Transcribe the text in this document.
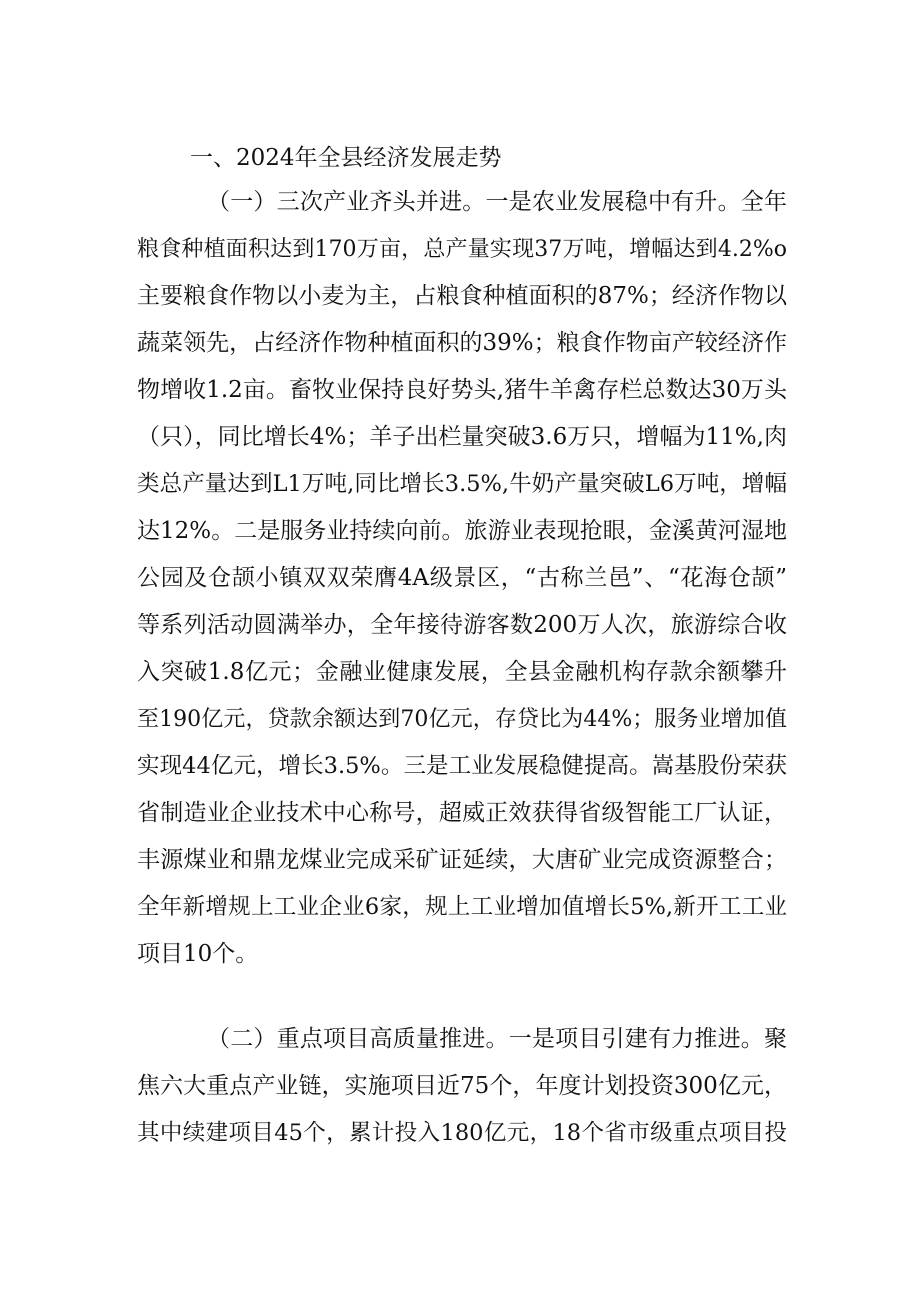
一、2024年全县经济发展走势
（一）三次产业齐头并进。一是农业发展稳中有升。全年
粮食种植面积达到170万亩，总产量实现37万吨，增幅达到4.2%o
主要粮食作物以小麦为主，占粮食种植面积的87%；经济作物以
蔬菜领先，占经济作物种植面积的39%；粮食作物亩产较经济作
物增收1.2亩。畜牧业保持良好势头,猪牛羊禽存栏总数达30万头
（只），同比增长4%；羊子出栏量突破3.6万只，增幅为11%,肉
类总产量达到L1万吨,同比增长3.5%,牛奶产量突破L6万吨，增幅
达12%。二是服务业持续向前。旅游业表现抢眼，金溪黄河湿地
公园及仓颉小镇双双荣膺4A级景区，“古称兰邑”、“花海仓颉”
等系列活动圆满举办，全年接待游客数200万人次，旅游综合收
入突破1.8亿元；金融业健康发展，全县金融机构存款余额攀升
至190亿元，贷款余额达到70亿元，存贷比为44%；服务业增加值
实现44亿元，增长3.5%。三是工业发展稳健提高。嵩基股份荣获
省制造业企业技术中心称号，超威正效获得省级智能工厂认证，
丰源煤业和鼎龙煤业完成采矿证延续，大唐矿业完成资源整合；
全年新增规上工业企业6家，规上工业增加值增长5%,新开工工业
项目10个。
（二）重点项目高质量推进。一是项目引建有力推进。聚
焦六大重点产业链，实施项目近75个，年度计划投资300亿元，
其中续建项目45个，累计投入180亿元，18个省市级重点项目投
